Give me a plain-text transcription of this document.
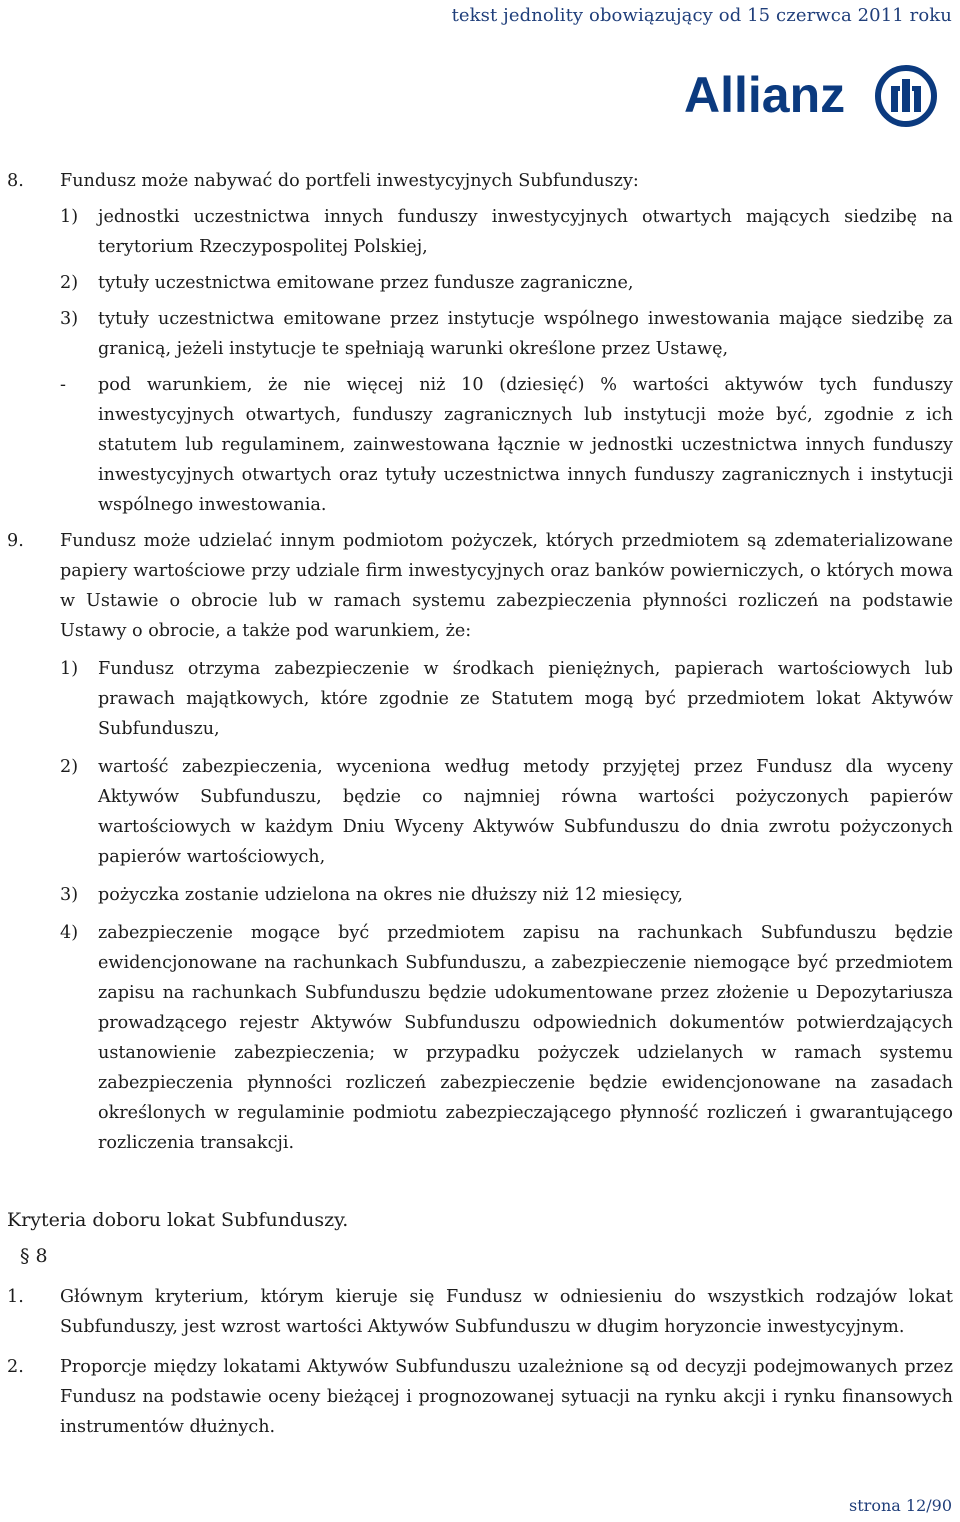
tekst jednolity obowiązujący od 15 czerwca 2011 roku
Allianz
8. Fundusz może nabywać do portfeli inwestycyjnych Subfunduszy:
1) jednostki uczestnictwa innych funduszy inwestycyjnych otwartych mających siedzibę na terytorium Rzeczypospolitej Polskiej,
2) tytuły uczestnictwa emitowane przez fundusze zagraniczne,
3) tytuły uczestnictwa emitowane przez instytucje wspólnego inwestowania mające siedzibę za granicą, jeżeli instytucje te spełniają warunki określone przez Ustawę,
- pod warunkiem, że nie więcej niż 10 (dziesięć) % wartości aktywów tych funduszy inwestycyjnych otwartych, funduszy zagranicznych lub instytucji może być, zgodnie z ich statutem lub regulaminem, zainwestowana łącznie w jednostki uczestnictwa innych funduszy inwestycyjnych otwartych oraz tytuły uczestnictwa innych funduszy zagranicznych i instytucji wspólnego inwestowania.
9. Fundusz może udzielać innym podmiotom pożyczek, których przedmiotem są zdematerializowane papiery wartościowe przy udziale firm inwestycyjnych oraz banków powierniczych, o których mowa w Ustawie o obrocie lub w ramach systemu zabezpieczenia płynności rozliczeń na podstawie Ustawy o obrocie, a także pod warunkiem, że:
1) Fundusz otrzyma zabezpieczenie w środkach pieniężnych, papierach wartościowych lub prawach majątkowych, które zgodnie ze Statutem mogą być przedmiotem lokat Aktywów Subfunduszu,
2) wartość zabezpieczenia, wyceniona według metody przyjętej przez Fundusz dla wyceny Aktywów Subfunduszu, będzie co najmniej równa wartości pożyczonych papierów wartościowych w każdym Dniu Wyceny Aktywów Subfunduszu do dnia zwrotu pożyczonych papierów wartościowych,
3) pożyczka zostanie udzielona na okres nie dłuższy niż 12 miesięcy,
4) zabezpieczenie mogące być przedmiotem zapisu na rachunkach Subfunduszu będzie ewidencjonowane na rachunkach Subfunduszu, a zabezpieczenie niemogące być przedmiotem zapisu na rachunkach Subfunduszu będzie udokumentowane przez złożenie u Depozytariusza prowadzącego rejestr Aktywów Subfunduszu odpowiednich dokumentów potwierdzających ustanowienie zabezpieczenia; w przypadku pożyczek udzielanych w ramach systemu zabezpieczenia płynności rozliczeń zabezpieczenie będzie ewidencjonowane na zasadach określonych w regulaminie podmiotu zabezpieczającego płynność rozliczeń i gwarantującego rozliczenia transakcji.
Kryteria doboru lokat Subfunduszy.
§ 8
1. Głównym kryterium, którym kieruje się Fundusz w odniesieniu do wszystkich rodzajów lokat Subfunduszy, jest wzrost wartości Aktywów Subfunduszu w długim horyzoncie inwestycyjnym.
2. Proporcje między lokatami Aktywów Subfunduszu uzależnione są od decyzji podejmowanych przez Fundusz na podstawie oceny bieżącej i prognozowanej sytuacji na rynku akcji i rynku finansowych instrumentów dłużnych.
strona 12/90
